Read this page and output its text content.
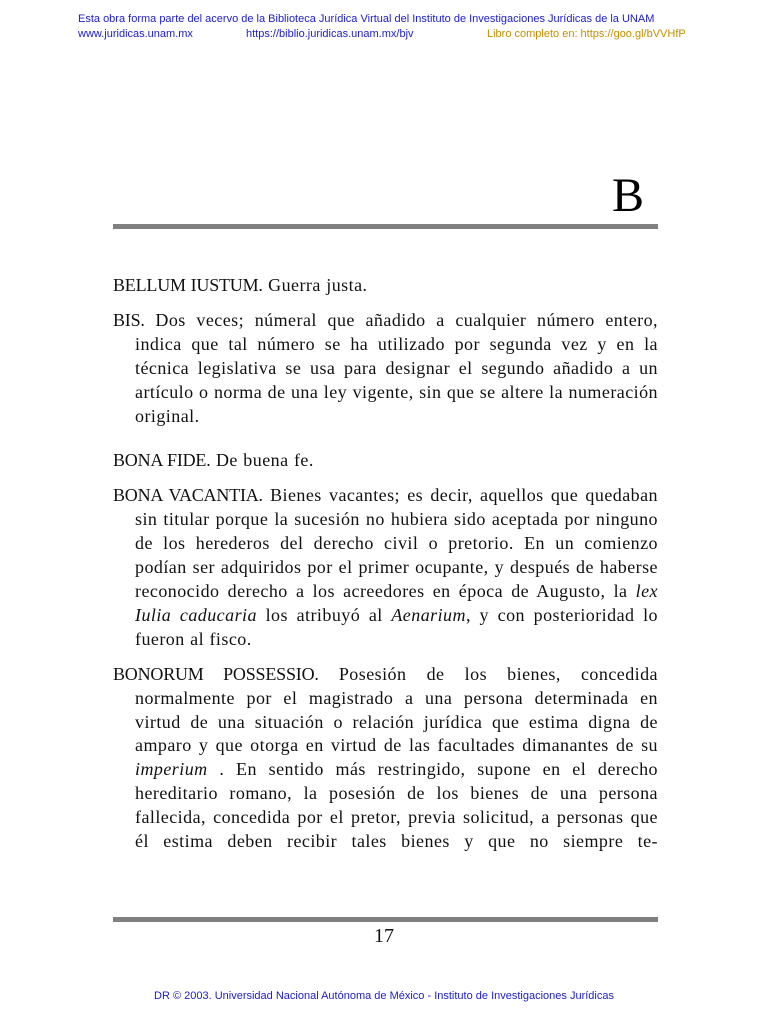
Esta obra forma parte del acervo de la Biblioteca Jurídica Virtual del Instituto de Investigaciones Jurídicas de la UNAM
www.juridicas.unam.mx	https://biblio.juridicas.unam.mx/bjv	Libro completo en: https://goo.gl/bVVHfP
B

BELLUM IUSTUM. Guerra justa.

BIS. Dos veces; númeral que añadido a cualquier número entero, indica que tal número se ha utilizado por segunda vez y en la técnica legislativa se usa para designar el segundo añadido a un artículo o norma de una ley vigente, sin que se altere la numeración original.

BONA FIDE. De buena fe.

BONA VACANTIA. Bienes vacantes; es decir, aquellos que quedaban sin titular porque la sucesión no hubiera sido aceptada por ninguno de los herederos del derecho civil o pretorio. En un comienzo podían ser adquiridos por el primer ocupante, y después de haberse reconocido derecho a los acreedores en época de Augusto, la lex Iulia caducaria los atribuyó al Aenarium, y con posterioridad lo fueron al fisco.

BONORUM POSSESSIO. Posesión de los bienes, concedida normalmente por el magistrado a una persona determinada en virtud de una situación o relación jurídica que estima digna de amparo y que otorga en virtud de las facultades dimanantes de su imperium . En sentido más restringido, supone en el derecho hereditario romano, la posesión de los bienes de una persona fallecida, concedida por el pretor, previa solicitud, a personas que él estima deben recibir tales bienes y que no siempre te-

17
DR © 2003. Universidad Nacional Autónoma de México - Instituto de Investigaciones Jurídicas
